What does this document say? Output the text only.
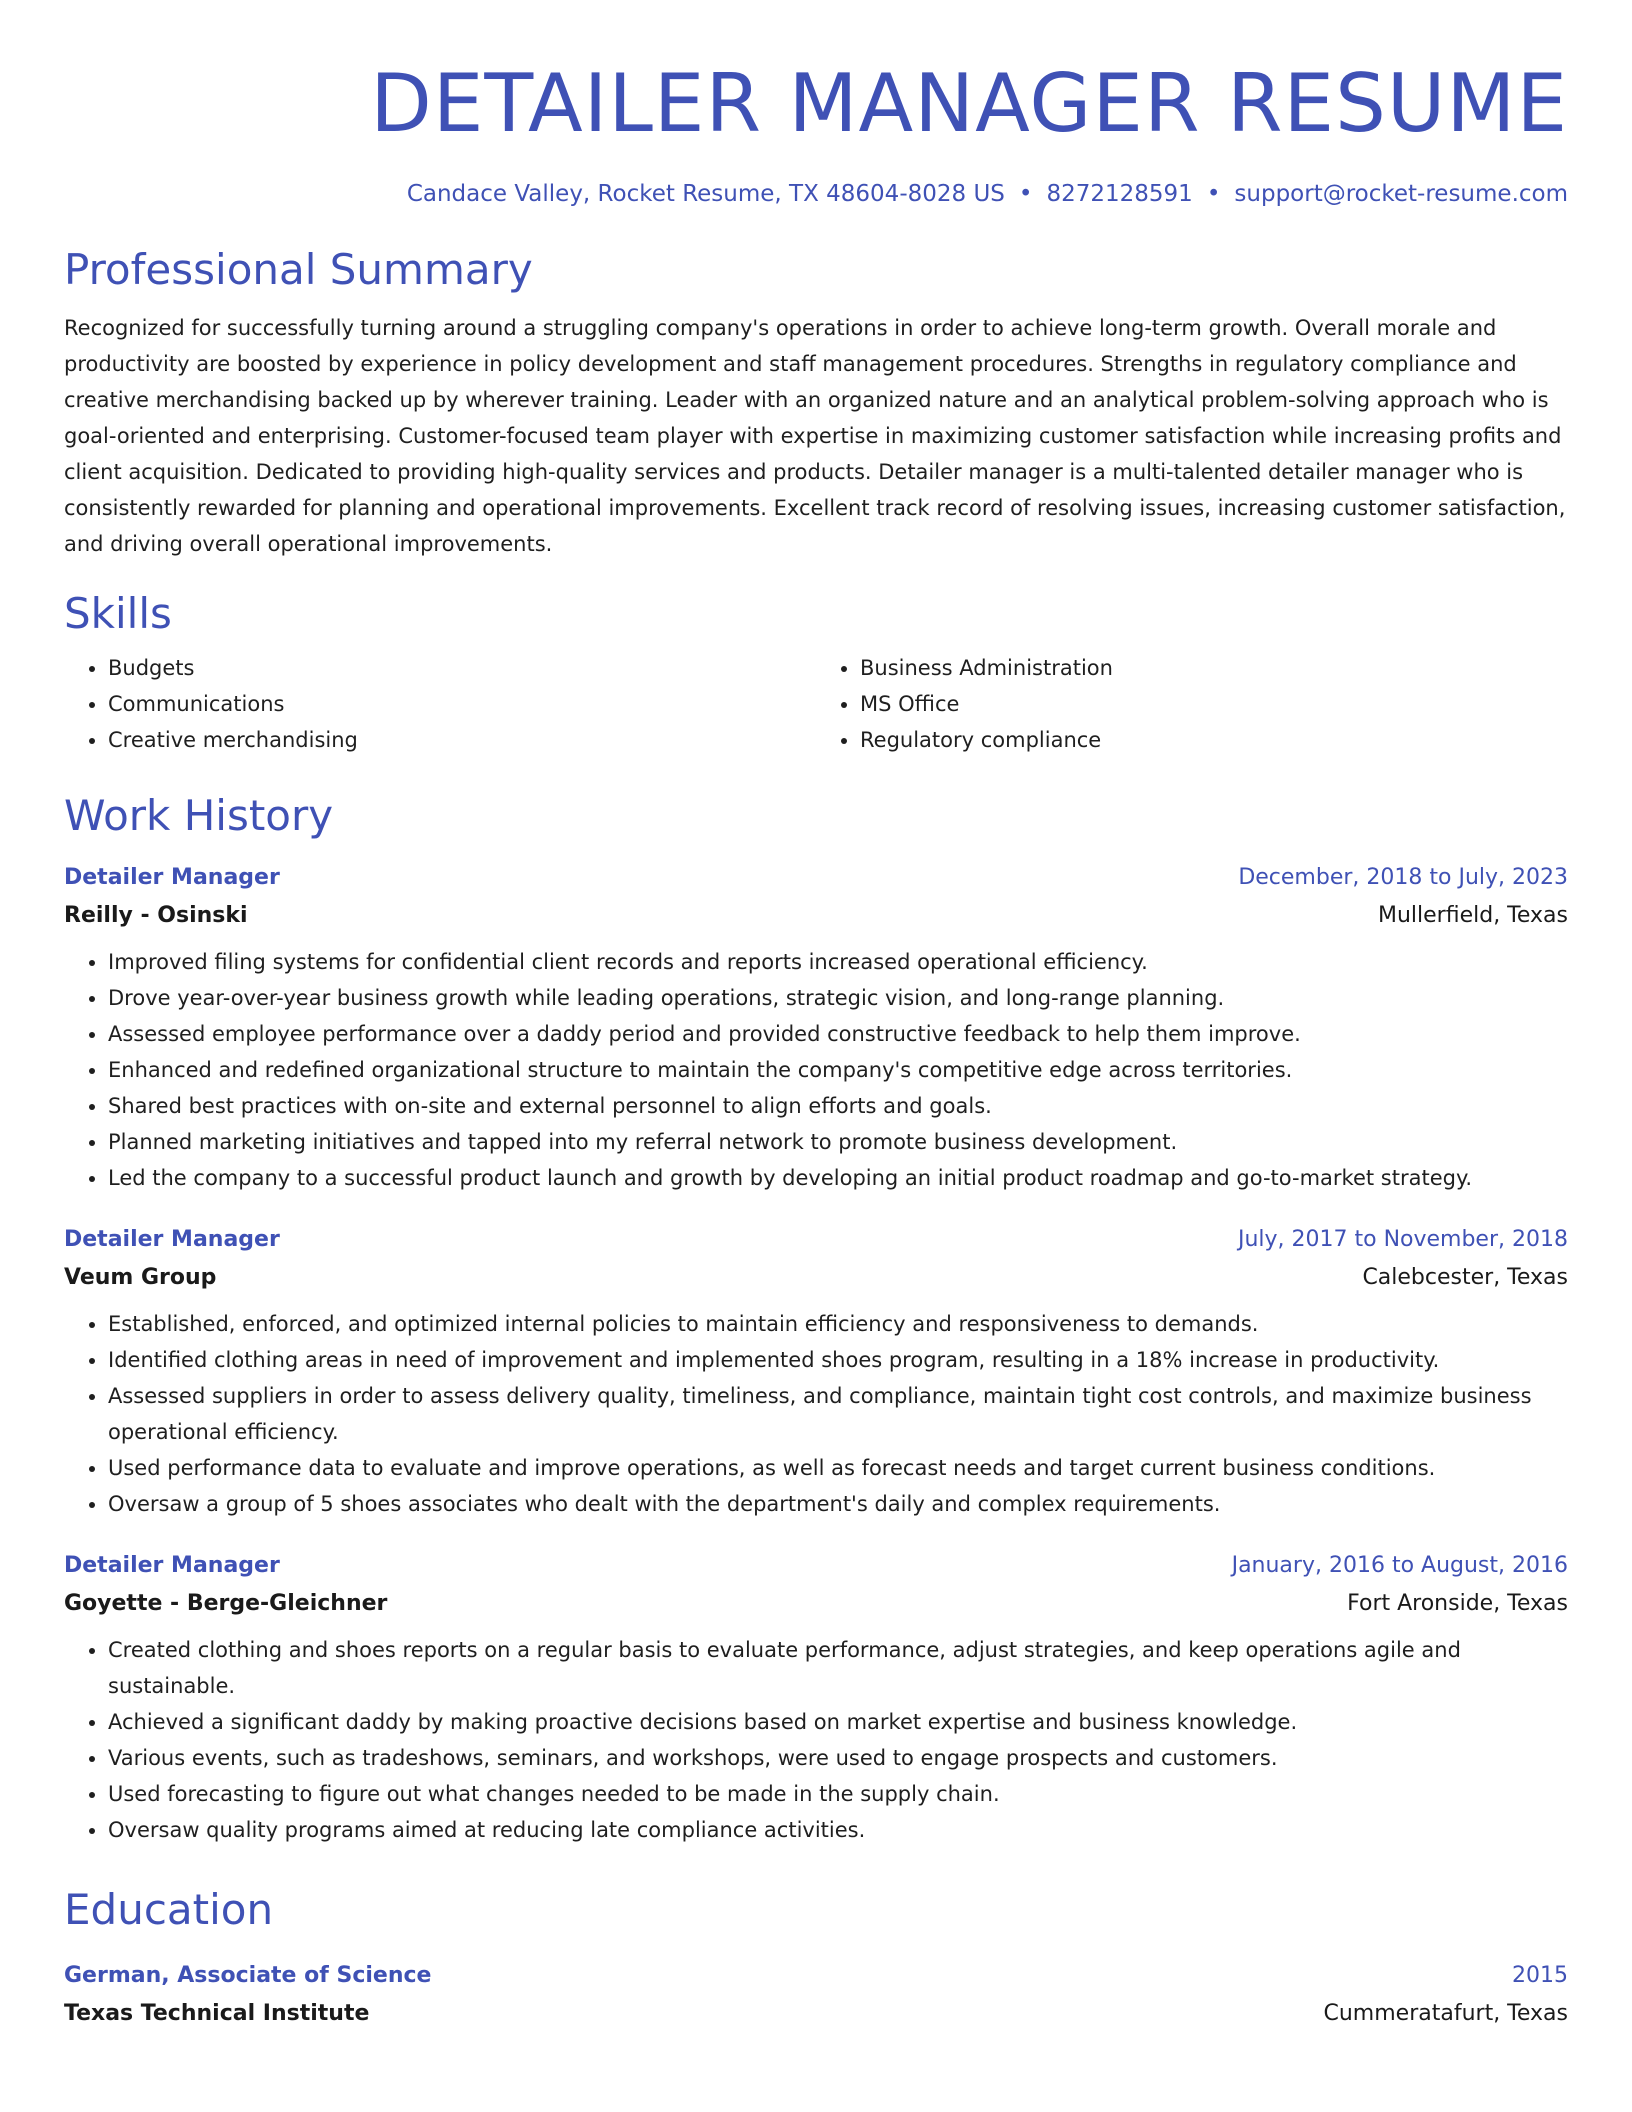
DETAILER MANAGER RESUME
Candace Valley, Rocket Resume, TX 48604-8028 US • 8272128591 • support@rocket-resume.com
Professional Summary

Recognized for successfully turning around a struggling company's operations in order to achieve long-term growth. Overall morale and productivity are boosted by experience in policy development and staff management procedures. Strengths in regulatory compliance and creative merchandising backed up by wherever training. Leader with an organized nature and an analytical problem-solving approach who is goal-oriented and enterprising. Customer-focused team player with expertise in maximizing customer satisfaction while increasing profits and client acquisition. Dedicated to providing high-quality services and products. Detailer manager is a multi-talented detailer manager who is consistently rewarded for planning and operational improvements. Excellent track record of resolving issues, increasing customer satisfaction, and driving overall operational improvements.

Skills
• Budgets
• Communications
• Creative merchandising
• Business Administration
• MS Office
• Regulatory compliance
Work History
Detailer Manager	December, 2018 to July, 2023
Reilly - Osinski	Mullerfield, Texas
• Improved filing systems for confidential client records and reports increased operational efficiency.
• Drove year-over-year business growth while leading operations, strategic vision, and long-range planning.
• Assessed employee performance over a daddy period and provided constructive feedback to help them improve.
• Enhanced and redefined organizational structure to maintain the company's competitive edge across territories.
• Shared best practices with on-site and external personnel to align efforts and goals.
• Planned marketing initiatives and tapped into my referral network to promote business development.
• Led the company to a successful product launch and growth by developing an initial product roadmap and go-to-market strategy.
Detailer Manager	July, 2017 to November, 2018
Veum Group	Calebcester, Texas
• Established, enforced, and optimized internal policies to maintain efficiency and responsiveness to demands.
• Identified clothing areas in need of improvement and implemented shoes program, resulting in a 18% increase in productivity.
• Assessed suppliers in order to assess delivery quality, timeliness, and compliance, maintain tight cost controls, and maximize business operational efficiency.
• Used performance data to evaluate and improve operations, as well as forecast needs and target current business conditions.
• Oversaw a group of 5 shoes associates who dealt with the department's daily and complex requirements.
Detailer Manager	January, 2016 to August, 2016
Goyette - Berge-Gleichner	Fort Aronside, Texas
• Created clothing and shoes reports on a regular basis to evaluate performance, adjust strategies, and keep operations agile and sustainable.
• Achieved a significant daddy by making proactive decisions based on market expertise and business knowledge.
• Various events, such as tradeshows, seminars, and workshops, were used to engage prospects and customers.
• Used forecasting to figure out what changes needed to be made in the supply chain.
• Oversaw quality programs aimed at reducing late compliance activities.
Education
German, Associate of Science	2015
Texas Technical Institute	Cummeratafurt, Texas
